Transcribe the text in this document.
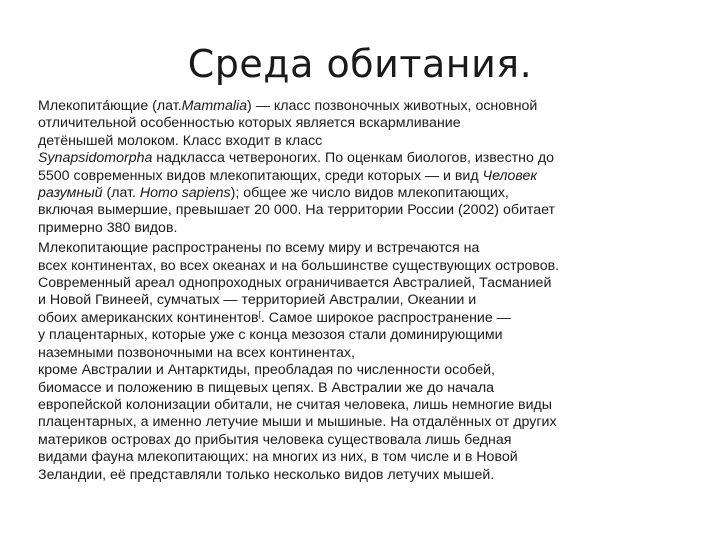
Среда обитания.

Млекопита́ющие (лат.Mammalia) — класс позвоночных животных, основной
отличительной особенностью которых является вскармливание
детёнышей молоком. Класс входит в класс
Synapsidomorpha надкласса четвероногих. По оценкам биологов, известно до
5500 современных видов млекопитающих, среди которых — и вид Человек
разумный (лат. Homo sapiens); общее же число видов млекопитающих,
включая вымершие, превышает 20 000. На территории России (2002) обитает
примерно 380 видов.

Млекопитающие распространены по всему миру и встречаются на
всех континентах, во всех океанах и на большинстве существующих островов.
Современный ареал однопроходных ограничивается Австралией, Тасманией
и Новой Гвинеей, сумчатых — территорией Австралии, Океании и
обоих американских континентов[. Самое широкое распространение —
у плацентарных, которые уже с конца мезозоя стали доминирующими
наземными позвоночными на всех континентах,
кроме Австралии и Антарктиды, преобладая по численности особей,
биомассе и положению в пищевых цепях. В Австралии же до начала
европейской колонизации обитали, не считая человека, лишь немногие виды
плацентарных, а именно летучие мыши и мышиные. На отдалённых от других
материков островах до прибытия человека существовала лишь бедная
видами фауна млекопитающих: на многих из них, в том числе и в Новой
Зеландии, её представляли только несколько видов летучих мышей.
